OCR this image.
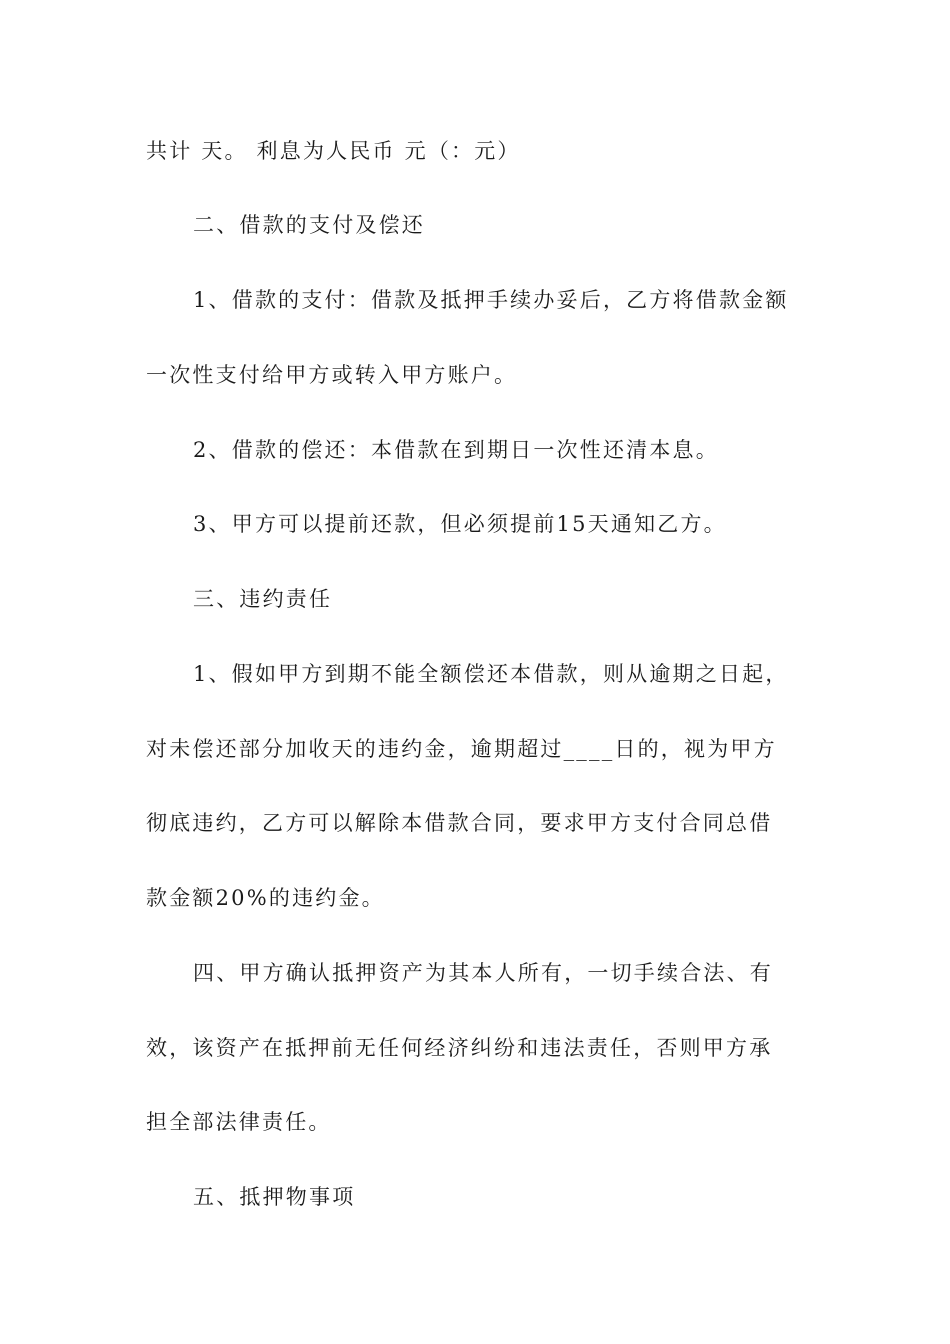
共计 天。 利息为人民币 元（：元）
二、借款的支付及偿还
1、借款的支付：借款及抵押手续办妥后，乙方将借款金额
一次性支付给甲方或转入甲方账户。
2、借款的偿还：本借款在到期日一次性还清本息。
3、甲方可以提前还款，但必须提前15天通知乙方。
三、违约责任
1、假如甲方到期不能全额偿还本借款，则从逾期之日起，
对未偿还部分加收天的违约金，逾期超过____日的，视为甲方
彻底违约，乙方可以解除本借款合同，要求甲方支付合同总借
款金额20%的违约金。
四、甲方确认抵押资产为其本人所有，一切手续合法、有
效，该资产在抵押前无任何经济纠纷和违法责任，否则甲方承
担全部法律责任。
五、抵押物事项
